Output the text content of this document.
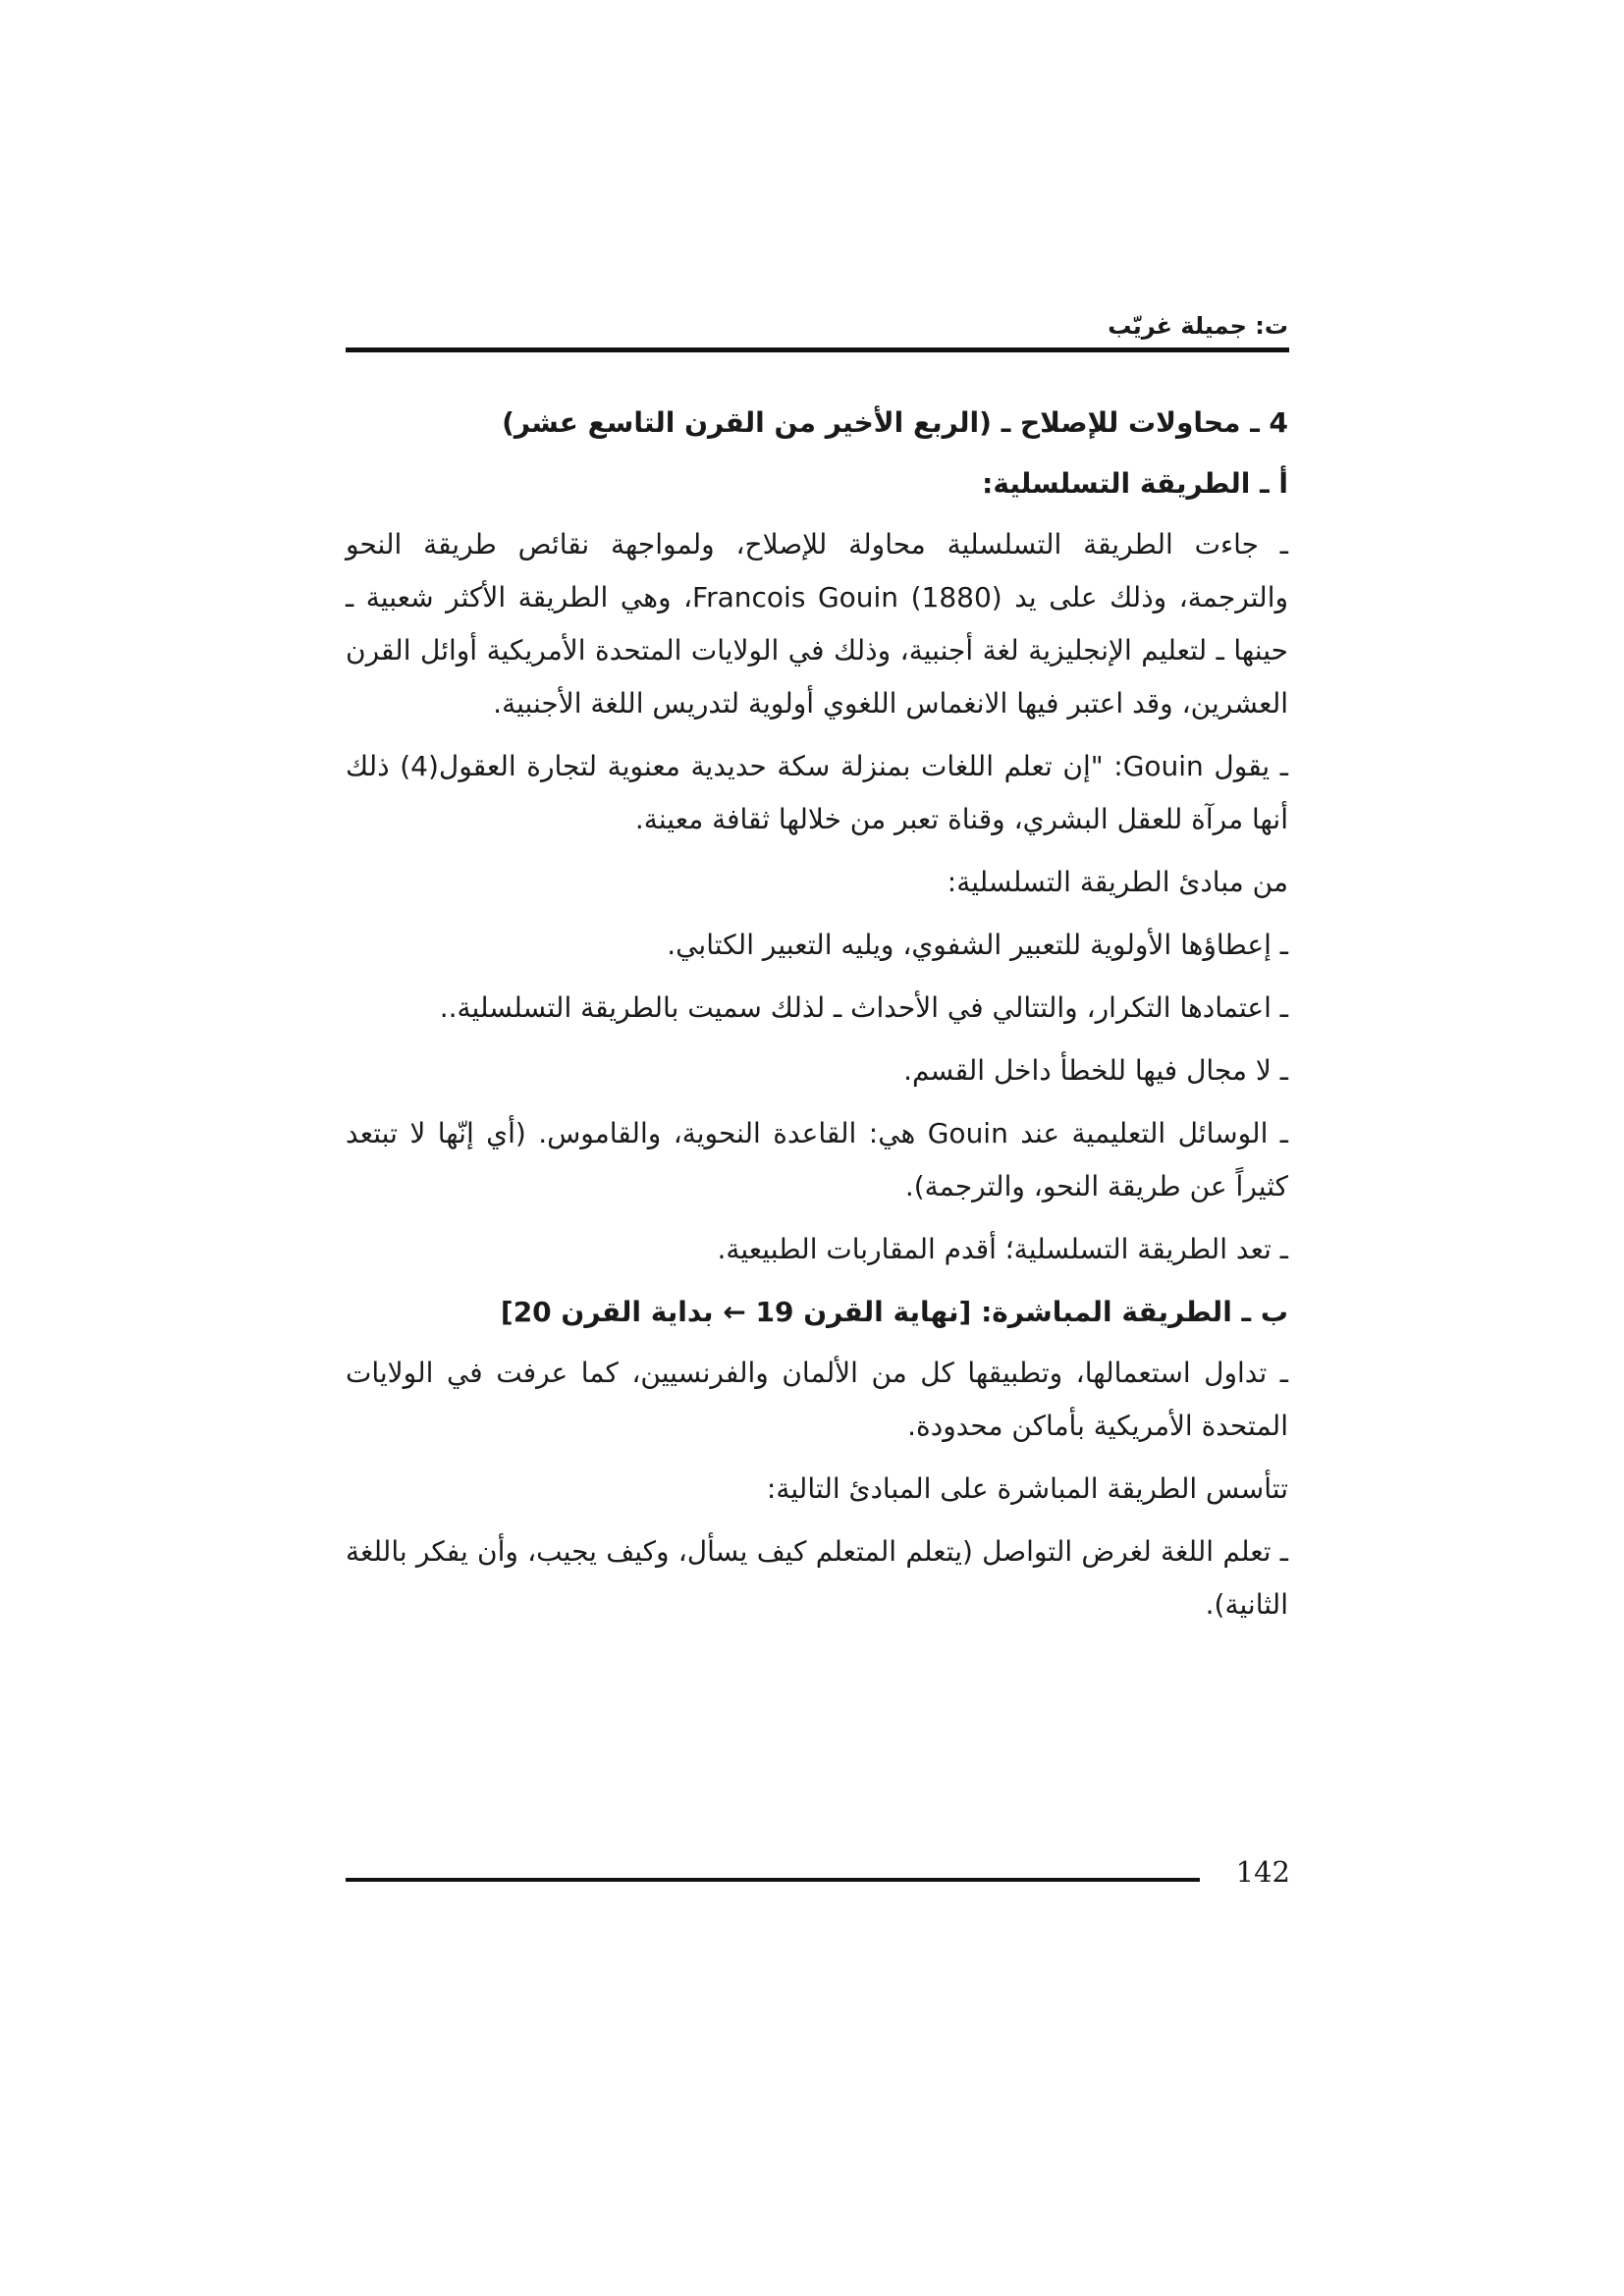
ت: جميلة غريّب

4 ـ محاولات للإصلاح ـ (الربع الأخير من القرن التاسع عشر)

أ ـ الطريقة التسلسلية:

ـ جاءت الطريقة التسلسلية محاولة للإصلاح، ولمواجهة نقائص طريقة النحو والترجمة، وذلك على يد Francois Gouin (1880)، وهي الطريقة الأكثر شعبية ـ حينها ـ لتعليم الإنجليزية لغة أجنبية، وذلك في الولايات المتحدة الأمريكية أوائل القرن العشرين، وقد اعتبر فيها الانغماس اللغوي أولوية لتدريس اللغة الأجنبية.

ـ يقول Gouin: "إن تعلم اللغات بمنزلة سكة حديدية معنوية لتجارة العقول(4) ذلك أنها مرآة للعقل البشري، وقناة تعبر من خلالها ثقافة معينة.

من مبادئ الطريقة التسلسلية:

ـ إعطاؤها الأولوية للتعبير الشفوي، ويليه التعبير الكتابي.

ـ اعتمادها التكرار، والتتالي في الأحداث ـ لذلك سميت بالطريقة التسلسلية..

ـ لا مجال فيها للخطأ داخل القسم.

ـ الوسائل التعليمية عند Gouin هي: القاعدة النحوية، والقاموس. (أي إنّها لا تبتعد كثيراً عن طريقة النحو، والترجمة).

ـ تعد الطريقة التسلسلية؛ أقدم المقاربات الطبيعية.

ب ـ الطريقة المباشرة: [نهاية القرن 19 ← بداية القرن 20]

ـ تداول استعمالها، وتطبيقها كل من الألمان والفرنسيين، كما عرفت في الولايات المتحدة الأمريكية بأماكن محدودة.

تتأسس الطريقة المباشرة على المبادئ التالية:

ـ تعلم اللغة لغرض التواصل (يتعلم المتعلم كيف يسأل، وكيف يجيب، وأن يفكر باللغة الثانية).

142
